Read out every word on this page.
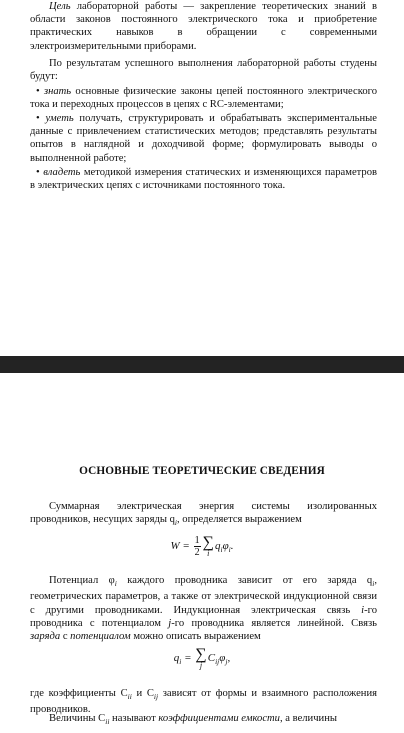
Цель лабораторной работы — закрепление теоретических знаний в области законов постоянного электрического тока и приобретение практических навыков в обращении с современными электроизмерительными приборами.

По результатам успешного выполнения лабораторной работы студены будут:

• знать основные физические законы цепей постоянного электрического тока и переходных процессов в цепях с RC-элементами;

• уметь получать, структурировать и обрабатывать экспериментальные данные с привлечением статистических методов; представлять результаты опытов в наглядной и доходчивой форме; формулировать выводы о выполненной работе;

• владеть методикой измерения статических и изменяющихся параметров в электрических цепях с источниками постоянного тока.

ОСНОВНЫЕ ТЕОРЕТИЧЕСКИЕ СВЕДЕНИЯ

Суммарная электрическая энергия системы изолированных проводников, несущих заряды $q_i$, определяется выражением

$W = \frac{1}{2}$ ∑
i
$q_i\varphi_i$.

Потенциал $\varphi_i$ каждого проводника зависит от его заряда $q_i$, геометрических параметров, а также от электрической индукционной связи с другими проводниками. Индукционная электрическая связь i-го проводника с потенциалом j-го проводника является линейной. Связь заряда с потенциалом можно описать выражением

$q_i$ = ∑
j
$C_{ij}\varphi_j$,

где коэффициенты $C_{ii}$ и $C_{ij}$ зависят от формы и взаимного расположения проводников.

Величины $C_{ii}$ называют коэффициентами емкости, а величины
